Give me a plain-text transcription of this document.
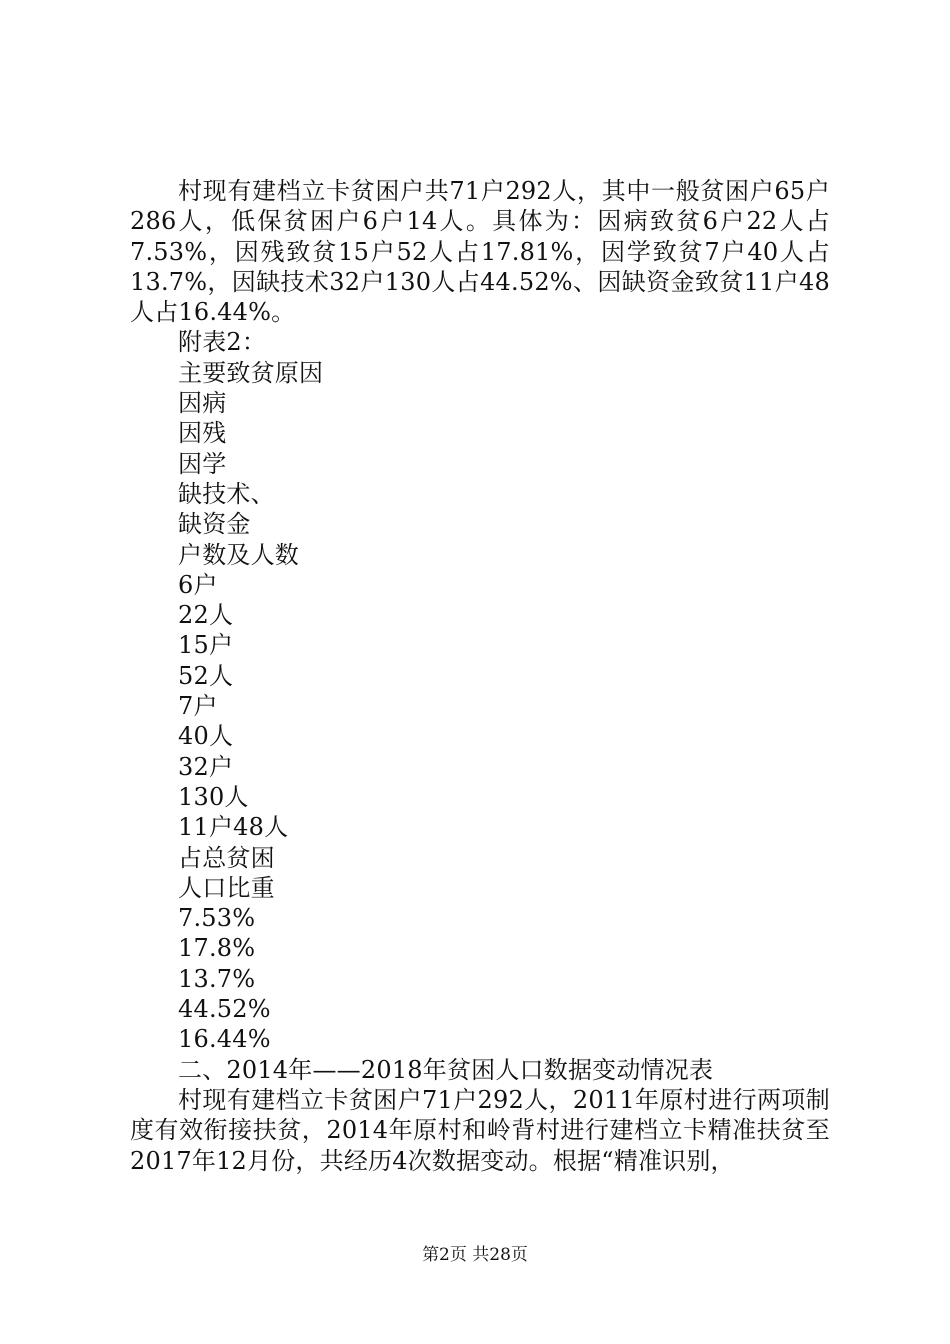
村现有建档立卡贫困户共71户292人，其中一般贫困户65户286人，低保贫困户6户14人。具体为：因病致贫6户22人占7.53%，因残致贫15户52人占17.81%，因学致贫7户40人占13.7%，因缺技术32户130人占44.52%、因缺资金致贫11户48人占16.44%。

附表2：
主要致贫原因
因病
因残
因学
缺技术、
缺资金
户数及人数
6户
22人
15户
52人
7户
40人
32户
130人
11户48人
占总贫困
人口比重
7.53%
17.8%
13.7%
44.52%
16.44%
二、2014年——2018年贫困人口数据变动情况表

村现有建档立卡贫困户71户292人，2011年原村进行两项制度有效衔接扶贫，2014年原村和岭背村进行建档立卡精准扶贫至2017年12月份，共经历4次数据变动。根据“精准识别，

第2页 共28页
